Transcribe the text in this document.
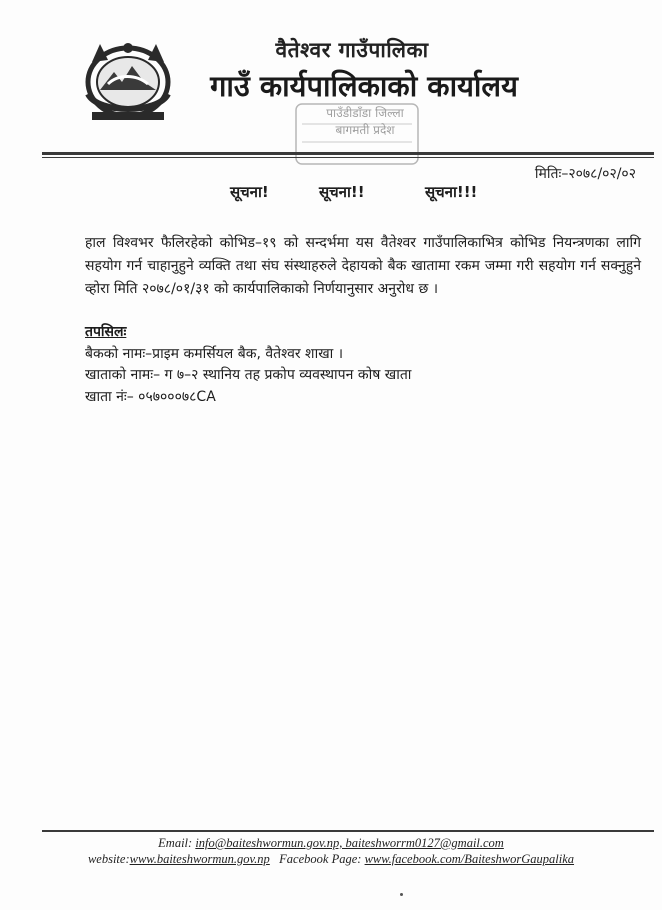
वैतेश्वर गाउँपालिका
गाउँ कार्यपालिकाको कार्यालय
पाउँडीडाँडा जिल्ला बागमती प्रदेश
मितिः–२०७८/०२/०२
सूचना!	सूचना!!	सूचना!!!
हाल विश्वभर फैलिरहेको कोभिड–१९ को सन्दर्भमा यस वैतेश्वर गाउँपालिकाभित्र कोभिड नियन्त्रणका लागि सहयोग गर्न चाहानुहुने व्यक्ति तथा संघ संस्थाहरुले देहायको बैक खातामा रकम जम्मा गरी सहयोग गर्न सक्नुहुने व्होरा मिति २०७८/०१/३१ को कार्यपालिकाको निर्णयानुसार अनुरोध छ ।
तपसिलः
बैकको नामः–प्राइम कमर्सियल बैक, वैतेश्वर शाखा ।
खाताको नामः– ग ७–२ स्थानिय तह प्रकोप व्यवस्थापन कोष खाता
खाता नंः– ०५७०००७८CA
Email: info@baiteshwormun.gov.np, baiteshworrm0127@gmail.com
website:www.baiteshwormun.gov.np Facebook Page: www.facebook.com/BaiteshworGaupalika
